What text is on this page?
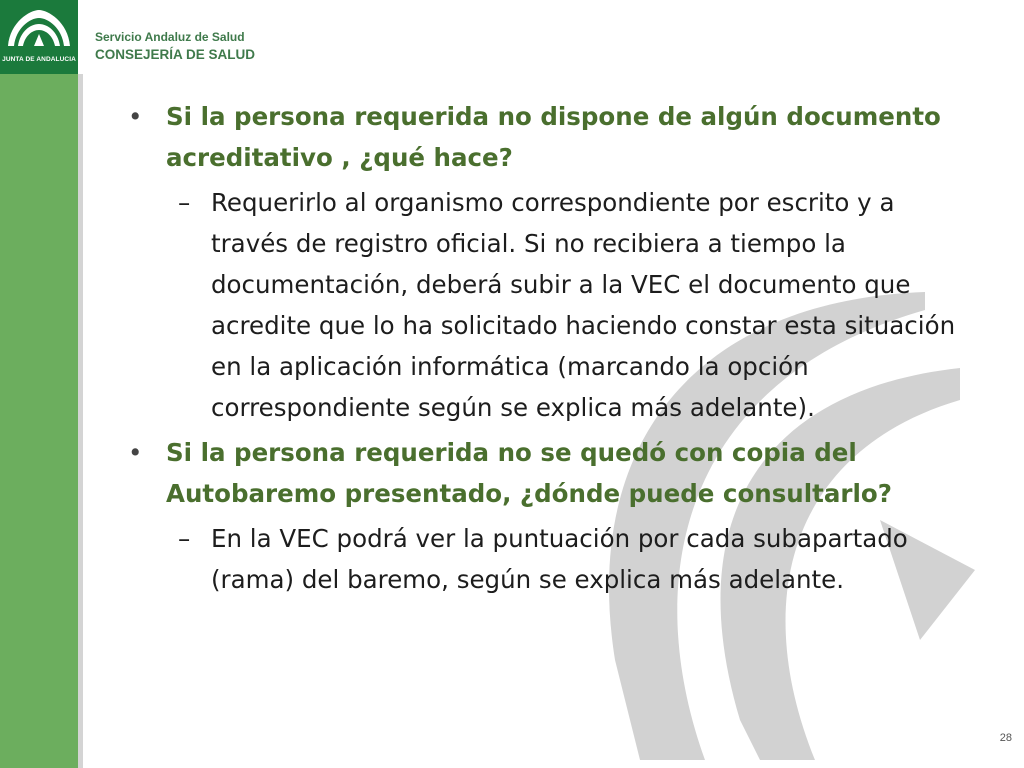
JUNTA DE ANDALUCIA
Servicio Andaluz de Salud
CONSEJERÍA DE SALUD
• Si la persona requerida no dispone de algún documento acreditativo , ¿qué hace?
– Requerirlo al organismo correspondiente por escrito y a través de registro oficial. Si no recibiera a tiempo la documentación, deberá subir a la VEC el documento que acredite que lo ha solicitado haciendo constar esta situación en la aplicación informática (marcando la opción correspondiente según se explica más adelante).
• Si la persona requerida no se quedó con copia del Autobaremo presentado, ¿dónde puede consultarlo?
– En la VEC podrá ver la puntuación por cada subapartado (rama) del baremo, según se explica más adelante.
28
